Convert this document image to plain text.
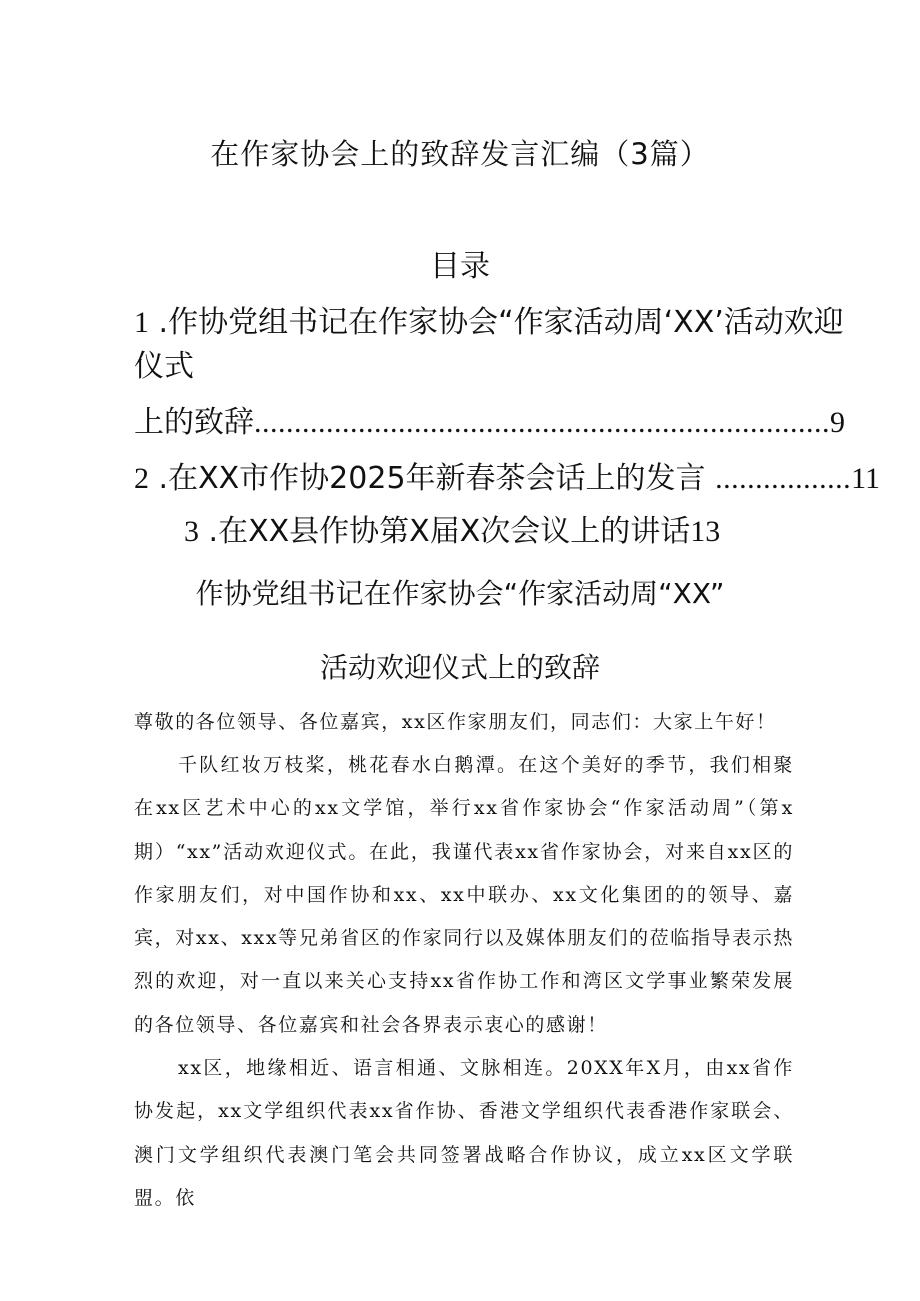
在作家协会上的致辞发言汇编（3篇）
目录
1 .作协党组书记在作家协会“作家活动周‘XX’活动欢迎
仪式
上的致辞........................................................................9
2 .在XX市作协2025年新春茶会话上的发言 .................11
3 .在XX县作协第X届X次会议上的讲话13
作协党组书记在作家协会“作家活动周“XX”
活动欢迎仪式上的致辞

尊敬的各位领导、各位嘉宾，xx区作家朋友们，同志们：大家上午好！

千队红妆万枝桨，桃花春水白鹅潭。在这个美好的季节，我们相聚在xx区艺术中心的xx文学馆，举行xx省作家协会“作家活动周”（第x期）“xx”活动欢迎仪式。在此，我谨代表xx省作家协会，对来自xx区的作家朋友们，对中国作协和xx、xx中联办、xx文化集团的的领导、嘉宾，对xx、xxx等兄弟省区的作家同行以及媒体朋友们的莅临指导表示热烈的欢迎，对一直以来关心支持xx省作协工作和湾区文学事业繁荣发展的各位领导、各位嘉宾和社会各界表示衷心的感谢！

xx区，地缘相近、语言相通、文脉相连。20XX年X月，由xx省作协发起，xx文学组织代表xx省作协、香港文学组织代表香港作家联会、澳门文学组织代表澳门笔会共同签署战略合作协议，成立xx区文学联盟。依
